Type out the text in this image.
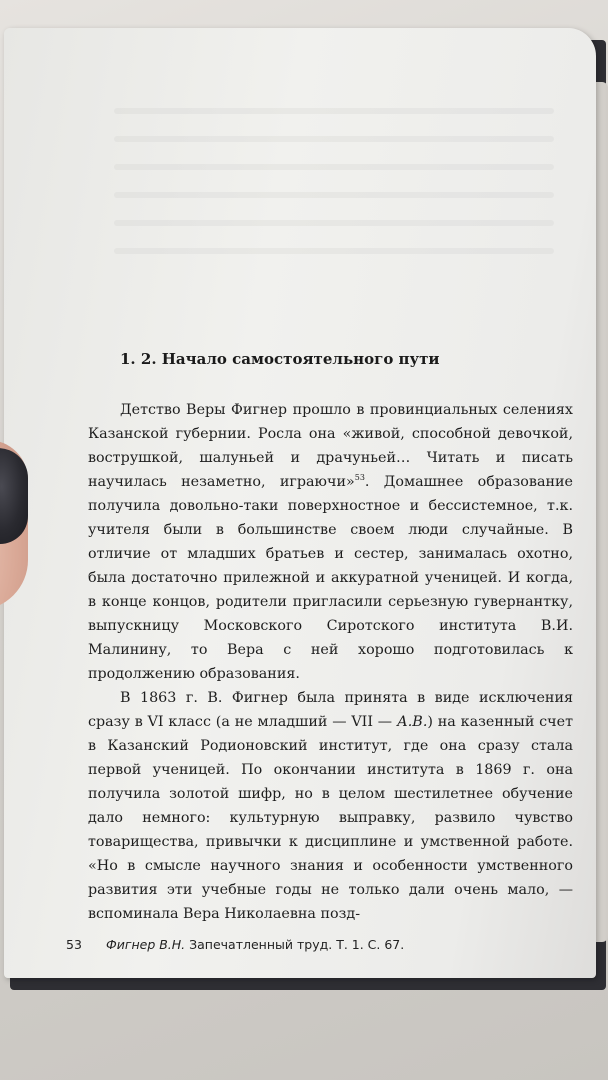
1. 2. Начало самостоятельного пути

Детство Веры Фигнер прошло в провинциальных селениях Казанской губернии. Росла она «живой, способной девочкой, вострушкой, шалуньей и драчуньей… Читать и писать научилась незаметно, играючи»$^{53}$. Домашнее образование получила довольно-таки поверхностное и бессистемное, т.к. учителя были в большинстве своем люди случайные. В отличие от младших братьев и сестер, занималась охотно, была достаточно прилежной и аккуратной ученицей. И когда, в конце концов, родители пригласили серьезную гувернантку, выпускницу Московского Сиротского института В.И. Малинину, то Вера с ней хорошо подготовилась к продолжению образования.

В 1863 г. В. Фигнер была принята в виде исключения сразу в VI класс (а не младший — VII — А.В.) на казенный счет в Казанский Родионовский институт, где она сразу стала первой ученицей. По окончании института в 1869 г. она получила золотой шифр, но в целом шестилетнее обучение дало немного: культурную выправку, развило чувство товарищества, привычки к дисциплине и умственной работе. «Но в смысле научного знания и особенности умственного развития эти учебные годы не только дали очень мало, — вспоминала Вера Николаевна позд-

53 Фигнер В.Н. Запечатленный труд. Т. 1. С. 67.
